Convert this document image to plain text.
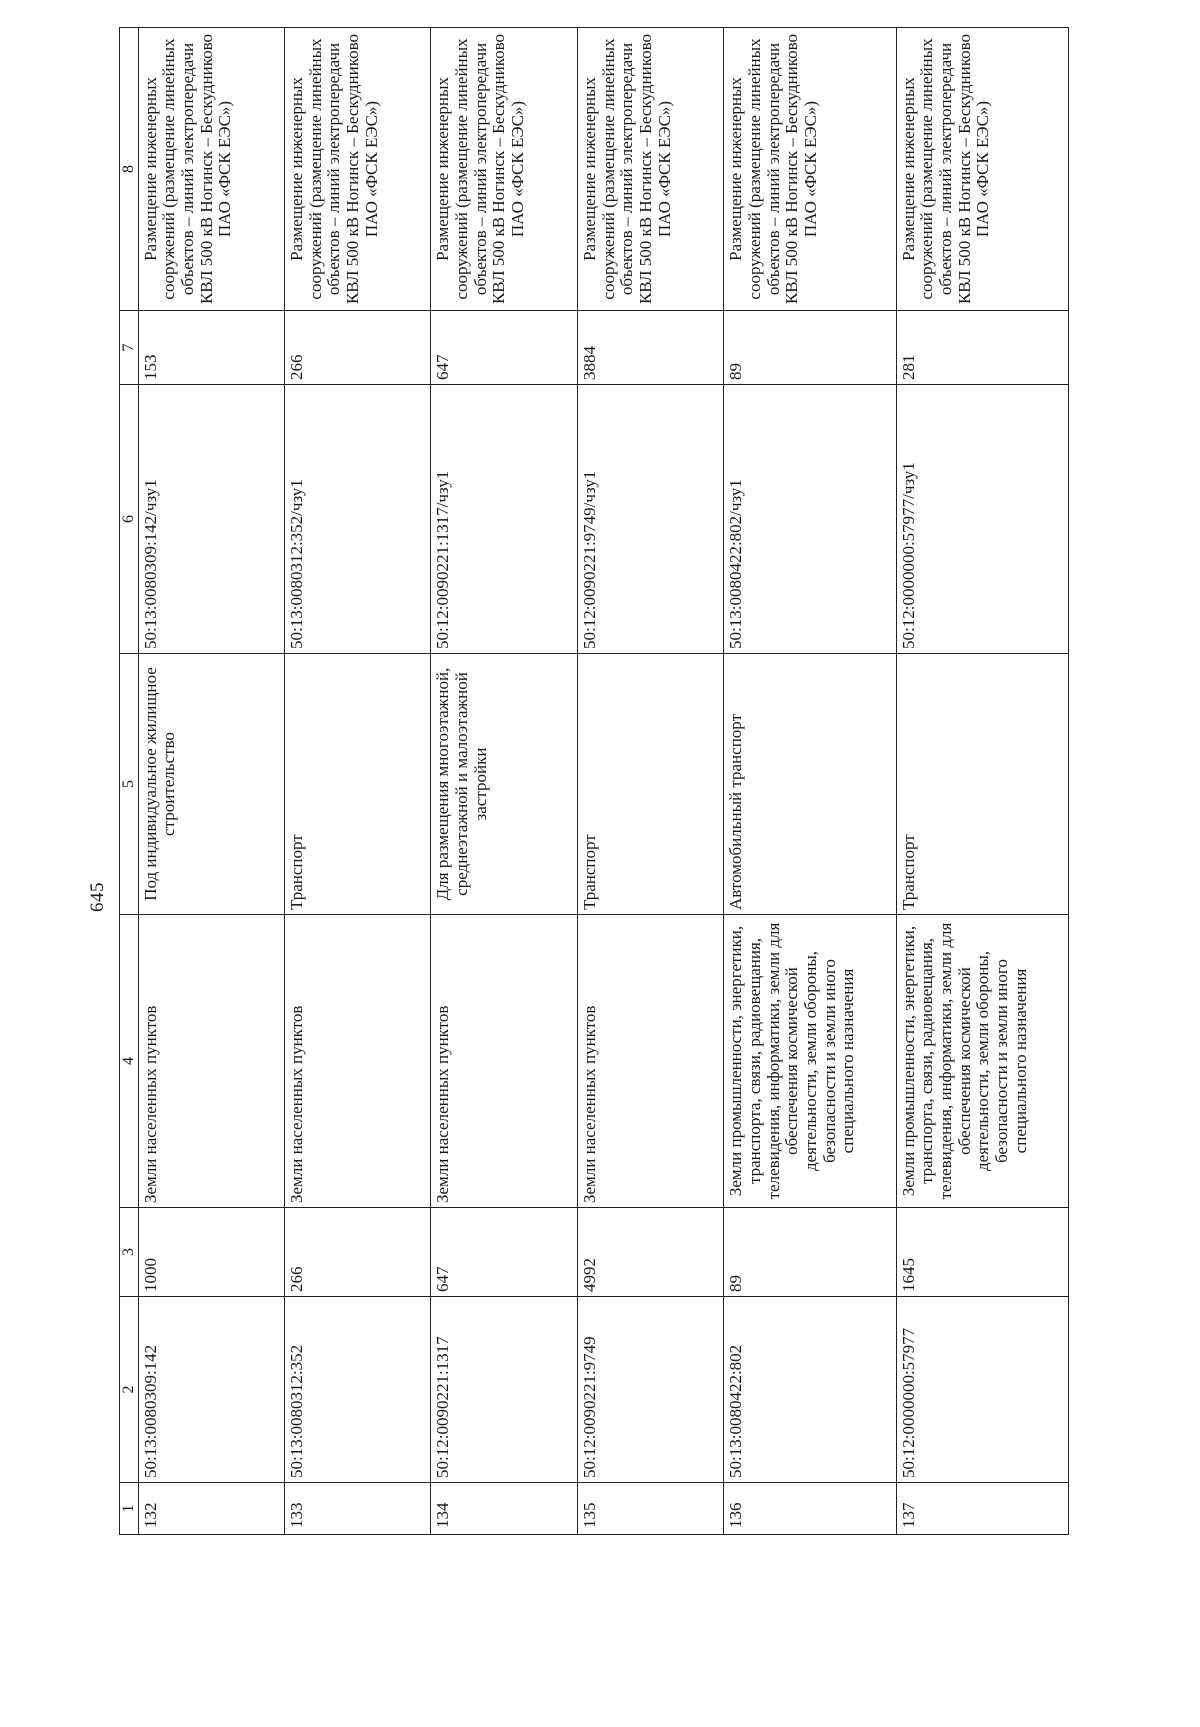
645
1	2	3	4	5	6	7	8
132	50:13:0080309:142	1000	Земли населенных пунктов	Под индивидуальное жилищное строительство	50:13:0080309:142/чзу1	153	Размещение инженерных сооружений (размещение линейных объектов – линий электропередачи КВЛ 500 кВ Ногинск – Бескудниково ПАО «ФСК ЕЭС»)
133	50:13:0080312:352	266	Земли населенных пунктов	Транспорт	50:13:0080312:352/чзу1	266	Размещение инженерных сооружений (размещение линейных объектов – линий электропередачи КВЛ 500 кВ Ногинск – Бескудниково ПАО «ФСК ЕЭС»)
134	50:12:0090221:1317	647	Земли населенных пунктов	Для размещения многоэтажной, среднеэтажной и малоэтажной застройки	50:12:0090221:1317/чзу1	647	Размещение инженерных сооружений (размещение линейных объектов – линий электропередачи КВЛ 500 кВ Ногинск – Бескудниково ПАО «ФСК ЕЭС»)
135	50:12:0090221:9749	4992	Земли населенных пунктов	Транспорт	50:12:0090221:9749/чзу1	3884	Размещение инженерных сооружений (размещение линейных объектов – линий электропередачи КВЛ 500 кВ Ногинск – Бескудниково ПАО «ФСК ЕЭС»)
136	50:13:0080422:802	89	Земли промышленности, энергетики, транспорта, связи, радиовещания, телевидения, информатики, земли для обеспечения космической деятельности, земли обороны, безопасности и земли иного специального назначения	Автомобильный транспорт	50:13:0080422:802/чзу1	89	Размещение инженерных сооружений (размещение линейных объектов – линий электропередачи КВЛ 500 кВ Ногинск – Бескудниково ПАО «ФСК ЕЭС»)
137	50:12:0000000:57977	1645	Земли промышленности, энергетики, транспорта, связи, радиовещания, телевидения, информатики, земли для обеспечения космической деятельности, земли обороны, безопасности и земли иного специального назначения	Транспорт	50:12:0000000:57977/чзу1	281	Размещение инженерных сооружений (размещение линейных объектов – линий электропередачи КВЛ 500 кВ Ногинск – Бескудниково ПАО «ФСК ЕЭС»)
